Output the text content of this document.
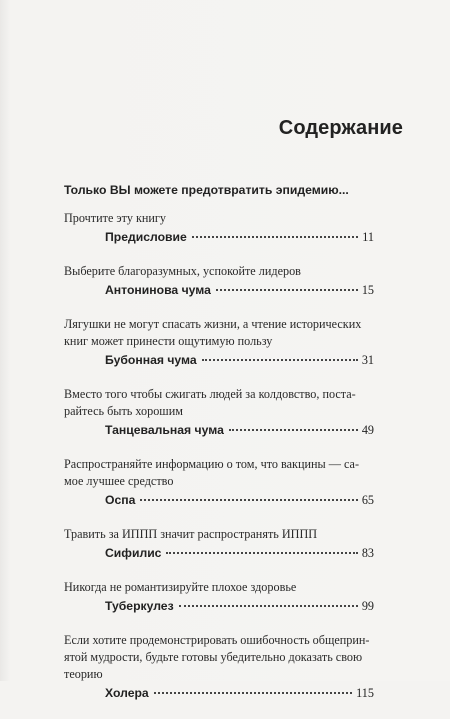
Содержание
Только ВЫ можете предотвратить эпидемию...
Прочтите эту книгу
Предисловие	11
Выберите благоразумных, успокойте лидеров
Антонинова чума	15
Лягушки не могут спасать жизни, а чтение исторических
книг может принести ощутимую пользу
Бубонная чума	31
Вместо того чтобы сжигать людей за колдовство, поста-
райтесь быть хорошим
Танцевальная чума	49
Распространяйте информацию о том, что вакцины — са-
мое лучшее средство
Оспа	65
Травить за ИППП значит распространять ИППП
Сифилис	83
Никогда не романтизируйте плохое здоровье
Туберкулез	99
Если хотите продемонстрировать ошибочность общеприн-
ятой мудрости, будьте готовы убедительно доказать свою
теорию
Холера	115
